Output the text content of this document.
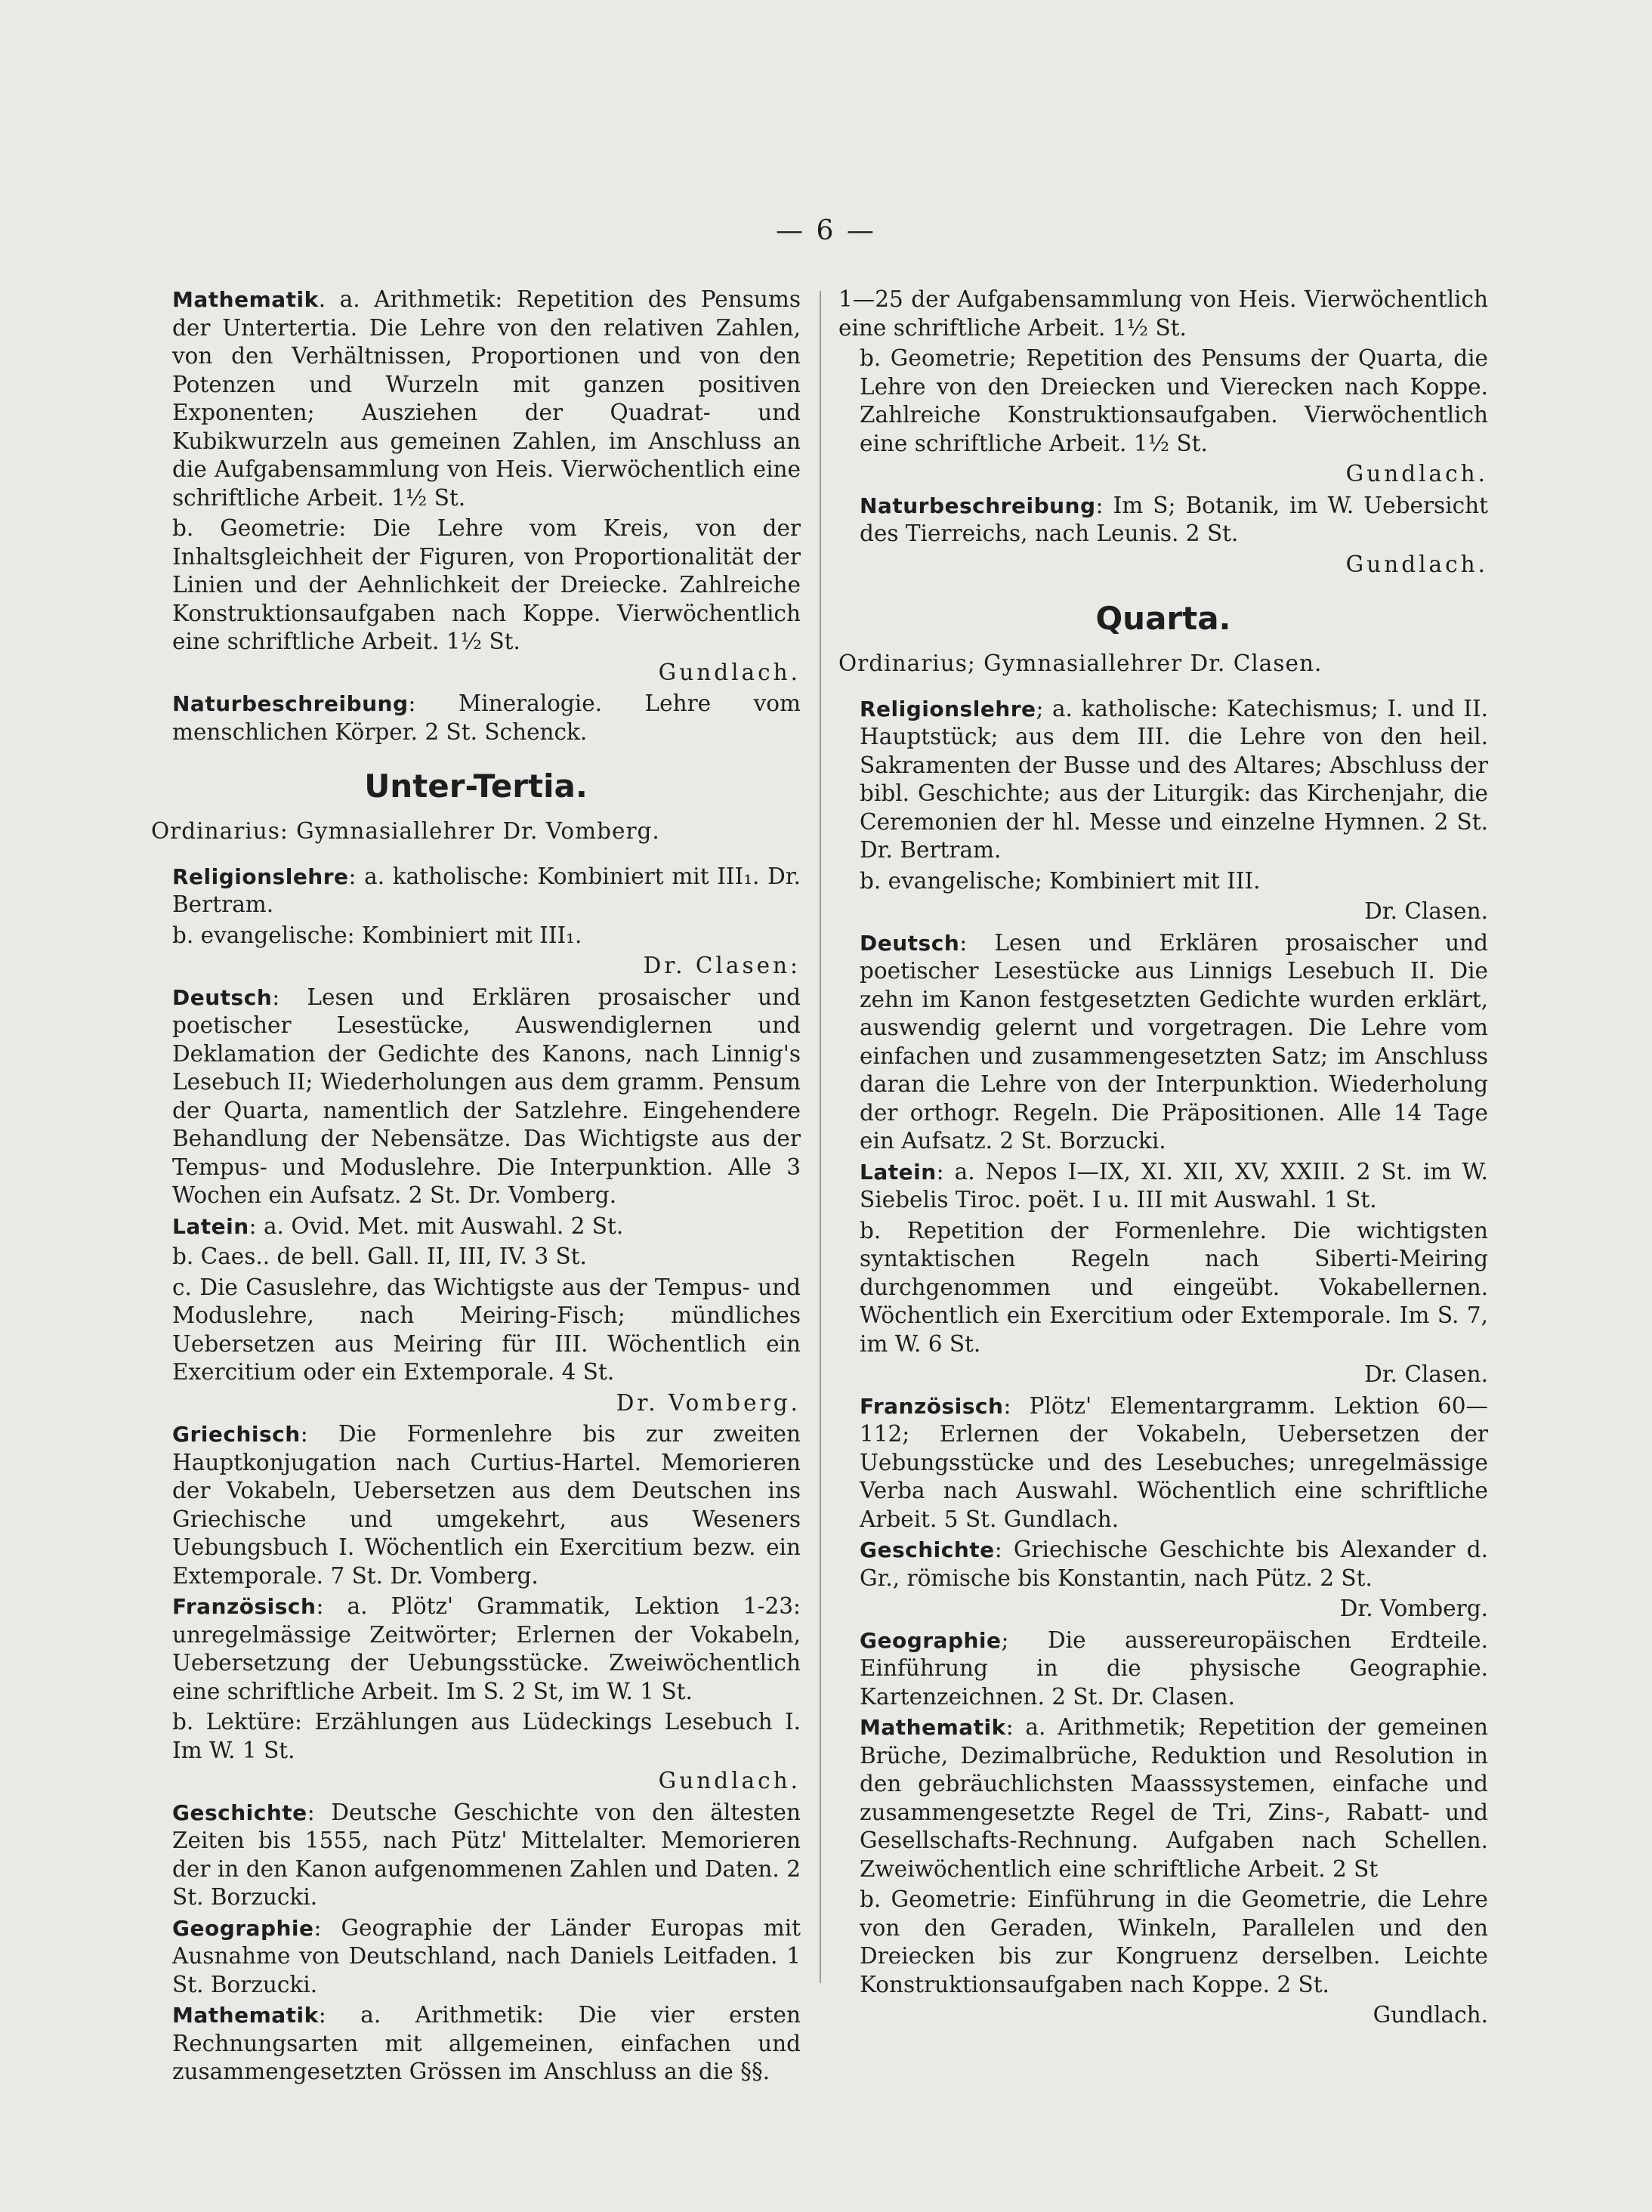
— 6 —

Mathematik. a. Arithmetik: Repetition des Pensums der Untertertia. Die Lehre von den relativen Zahlen, von den Verhältnissen, Proportionen und von den Potenzen und Wurzeln mit ganzen positiven Exponenten; Ausziehen der Quadrat- und Kubikwurzeln aus gemeinen Zahlen, im Anschluss an die Aufgabensammlung von Heis. Vierwöchentlich eine schriftliche Arbeit. 1½ St.

b. Geometrie: Die Lehre vom Kreis, von der Inhaltsgleichheit der Figuren, von Proportionalität der Linien und der Aehnlichkeit der Dreiecke. Zahlreiche Konstruktionsaufgaben nach Koppe. Vierwöchentlich eine schriftliche Arbeit. 1½ St.

Gundlach.

Naturbeschreibung: Mineralogie. Lehre vom menschlichen Körper. 2 St. Schenck.

Unter-Tertia.

Ordinarius: Gymnasiallehrer Dr. Vomberg.

Religionslehre: a. katholische: Kombiniert mit III₁. Dr. Bertram.

b. evangelische: Kombiniert mit III₁.

Dr. Clasen:

Deutsch: Lesen und Erklären prosaischer und poetischer Lesestücke, Auswendiglernen und Deklamation der Gedichte des Kanons, nach Linnig's Lesebuch II; Wiederholungen aus dem gramm. Pensum der Quarta, namentlich der Satzlehre. Eingehendere Behandlung der Nebensätze. Das Wichtigste aus der Tempus- und Moduslehre. Die Interpunktion. Alle 3 Wochen ein Aufsatz. 2 St. Dr. Vomberg.

Latein: a. Ovid. Met. mit Auswahl. 2 St.

b. Caes.. de bell. Gall. II, III, IV. 3 St.

c. Die Casuslehre, das Wichtigste aus der Tempus- und Moduslehre, nach Meiring-Fisch; mündliches Uebersetzen aus Meiring für III. Wöchentlich ein Exercitium oder ein Extemporale. 4 St.

Dr. Vomberg.

Griechisch: Die Formenlehre bis zur zweiten Hauptkonjugation nach Curtius-Hartel. Memorieren der Vokabeln, Uebersetzen aus dem Deutschen ins Griechische und umgekehrt, aus Weseners Uebungsbuch I. Wöchentlich ein Exercitium bezw. ein Extemporale. 7 St. Dr. Vomberg.

Französisch: a. Plötz' Grammatik, Lektion 1-23: unregelmässige Zeitwörter; Erlernen der Vokabeln, Uebersetzung der Uebungsstücke. Zweiwöchentlich eine schriftliche Arbeit. Im S. 2 St, im W. 1 St.

b. Lektüre: Erzählungen aus Lüdeckings Lesebuch I. Im W. 1 St.

Gundlach.

Geschichte: Deutsche Geschichte von den ältesten Zeiten bis 1555, nach Pütz' Mittelalter. Memorieren der in den Kanon aufgenommenen Zahlen und Daten. 2 St. Borzucki.

Geographie: Geographie der Länder Europas mit Ausnahme von Deutschland, nach Daniels Leitfaden. 1 St. Borzucki.

Mathematik: a. Arithmetik: Die vier ersten Rechnungsarten mit allgemeinen, einfachen und zusammengesetzten Grössen im Anschluss an die §§.

1—25 der Aufgabensammlung von Heis. Vierwöchentlich eine schriftliche Arbeit. 1½ St.

b. Geometrie; Repetition des Pensums der Quarta, die Lehre von den Dreiecken und Vierecken nach Koppe. Zahlreiche Konstruktionsaufgaben. Vierwöchentlich eine schriftliche Arbeit. 1½ St.

Gundlach.

Naturbeschreibung: Im S; Botanik, im W. Uebersicht des Tierreichs, nach Leunis. 2 St.

Gundlach.

Quarta.

Ordinarius; Gymnasiallehrer Dr. Clasen.

Religionslehre; a. katholische: Katechismus; I. und II. Hauptstück; aus dem III. die Lehre von den heil. Sakramenten der Busse und des Altares; Abschluss der bibl. Geschichte; aus der Liturgik: das Kirchenjahr, die Ceremonien der hl. Messe und einzelne Hymnen. 2 St. Dr. Bertram.

b. evangelische; Kombiniert mit III.

Dr. Clasen.

Deutsch: Lesen und Erklären prosaischer und poetischer Lesestücke aus Linnigs Lesebuch II. Die zehn im Kanon festgesetzten Gedichte wurden erklärt, auswendig gelernt und vorgetragen. Die Lehre vom einfachen und zusammengesetzten Satz; im Anschluss daran die Lehre von der Interpunktion. Wiederholung der orthogr. Regeln. Die Präpositionen. Alle 14 Tage ein Aufsatz. 2 St. Borzucki.

Latein: a. Nepos I—IX, XI. XII, XV, XXIII. 2 St. im W. Siebelis Tiroc. poët. I u. III mit Auswahl. 1 St.

b. Repetition der Formenlehre. Die wichtigsten syntaktischen Regeln nach Siberti-Meiring durchgenommen und eingeübt. Vokabellernen. Wöchentlich ein Exercitium oder Extemporale. Im S. 7, im W. 6 St.

Dr. Clasen.

Französisch: Plötz' Elementargramm. Lektion 60—112; Erlernen der Vokabeln, Uebersetzen der Uebungsstücke und des Lesebuches; unregelmässige Verba nach Auswahl. Wöchentlich eine schriftliche Arbeit. 5 St. Gundlach.

Geschichte: Griechische Geschichte bis Alexander d. Gr., römische bis Konstantin, nach Pütz. 2 St.

Dr. Vomberg.

Geographie; Die aussereuropäischen Erdteile. Einführung in die physische Geographie. Kartenzeichnen. 2 St. Dr. Clasen.

Mathematik: a. Arithmetik; Repetition der gemeinen Brüche, Dezimalbrüche, Reduktion und Resolution in den gebräuchlichsten Maasssystemen, einfache und zusammengesetzte Regel de Tri, Zins-, Rabatt- und Gesellschafts-Rechnung. Aufgaben nach Schellen. Zweiwöchentlich eine schriftliche Arbeit. 2 St

b. Geometrie: Einführung in die Geometrie, die Lehre von den Geraden, Winkeln, Parallelen und den Dreiecken bis zur Kongruenz derselben. Leichte Konstruktionsaufgaben nach Koppe. 2 St.

Gundlach.
